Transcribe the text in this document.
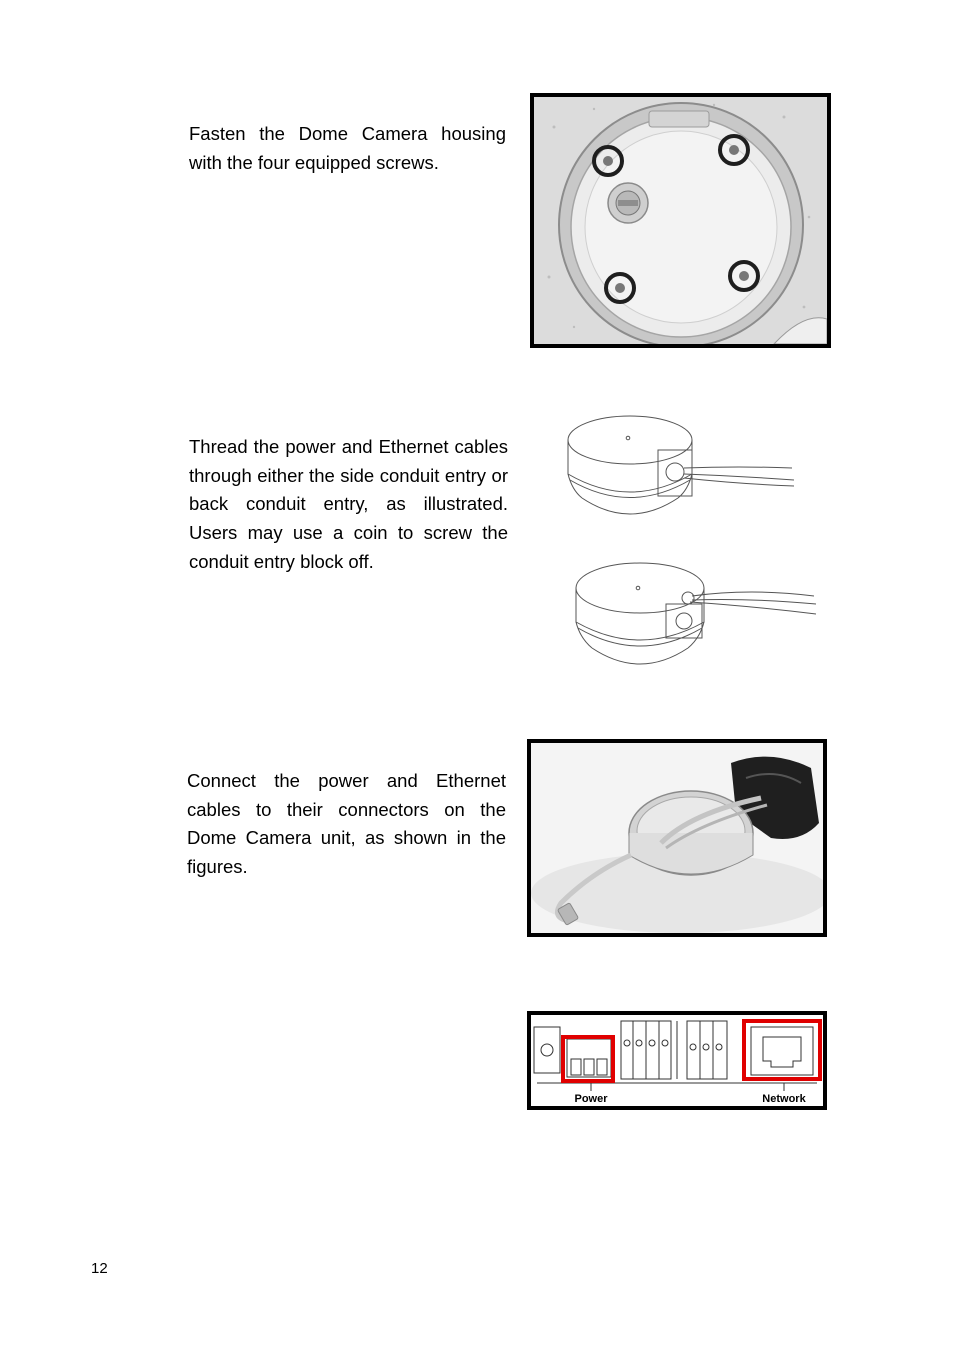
Fasten the Dome Camera housing with the four equipped screws.

Thread the power and Ethernet cables through either the side conduit entry or back conduit entry, as illustrated. Users may use a coin to screw the conduit entry block off.

Connect the power and Ethernet cables to their connectors on the Dome Camera unit, as shown in the figures.

Power	Network
12
